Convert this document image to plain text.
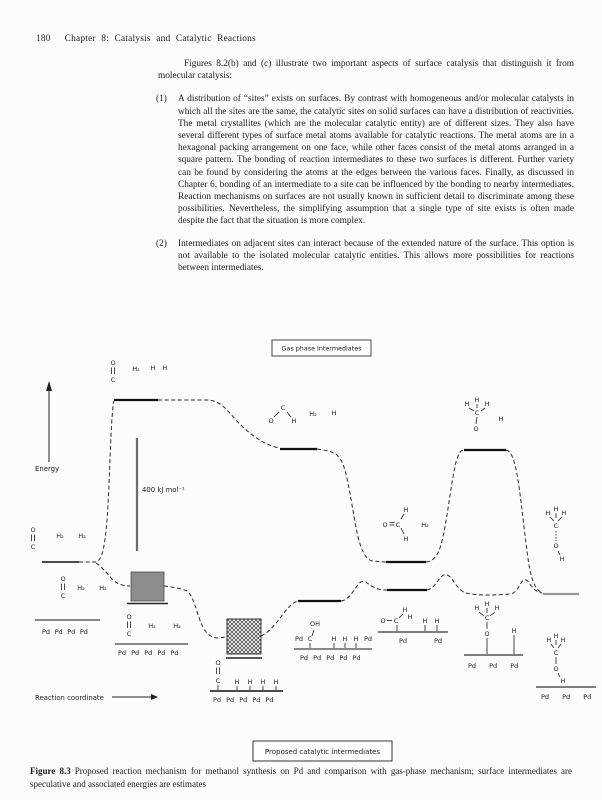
180 Chapter 8: Catalysis and Catalytic Reactions

Figures 8.2(b) and (c) illustrate two important aspects of surface catalysis that distinguish it from molecular catalysis:

(1) A distribution of “sites” exists on surfaces. By contrast with homogeneous and/or molecular catalysts in which all the sites are the same, the catalytic sites on solid surfaces can have a distribution of reactivities. The metal crystallites (which are the molecular catalytic entity) are of different sizes. They also have several different types of surface metal atoms available for catalytic reactions. The metal atoms are in a hexagonal packing arrangement on one face, while other faces consist of the metal atoms arranged in a square pattern. The bonding of reaction intermediates to these two surfaces is different. Further variety can be found by considering the atoms at the edges between the various faces. Finally, as discussed in Chapter 6, bonding of an intermediate to a site can be influenced by the bonding to nearby intermediates. Reaction mechanisms on surfaces are not usually known in sufficient detail to discriminate among these possibilities. Nevertheless, the simplifying assumption that a single type of site exists is often made despite the fact that the situation is more complex.
(2) Intermediates on adjacent sites can interact because of the extended nature of the surface. This option is not available to the isolated molecular catalytic entities. This allows more possibilities for reactions between intermediates.
Gas phase intermediates
Proposed catalytic intermediates
Energy
400 kJ mol⁻¹
O
C
H₂ H₂
O
C
H₂ H H
C
O	H
H₂ H
O C
H
H
H₂
H H H
C
O
H
H H H
C
O
H
O
C
H₂ H₂
Pd Pd Pd Pd
O
C
H₂	H₂
Pd Pd Pd Pd Pd
O
C H H H H
Pd Pd Pd Pd Pd
OH
Pd C	H H H Pd
Pd Pd Pd Pd Pd
H
O C H
Pd
H H
Pd
H H H
C
O	H
Pd Pd Pd
H H H
C
O
H
Pd Pd Pd
Reaction coordinate
Figure 8.3 Proposed reaction mechanism for methanol synthesis on Pd and comparison with gas-phase mechanism; surface intermediates are speculative and associated energies are estimates
